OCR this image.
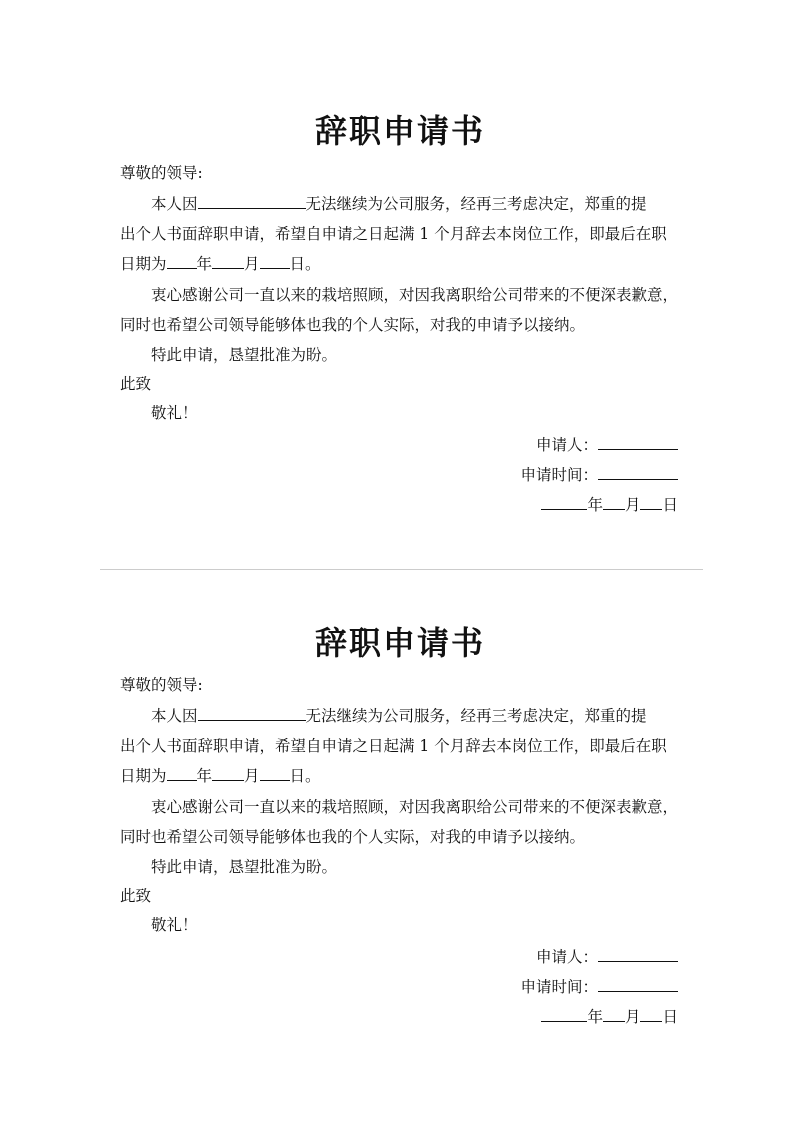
辞职申请书
尊敬的领导:
本人因	无法继续为公司服务，经再三考虑决定，郑重的提
出个人书面辞职申请，希望自申请之日起满 1 个月辞去本岗位工作，即最后在职
日期为 年 月 日。
衷心感谢公司一直以来的栽培照顾，对因我离职给公司带来的不便深表歉意，
同时也希望公司领导能够体也我的个人实际，对我的申请予以接纳。
特此申请，恳望批准为盼。
此致
敬礼！
申请人：
申请时间：
年 月 日
辞职申请书
尊敬的领导:
本人因	无法继续为公司服务，经再三考虑决定，郑重的提
出个人书面辞职申请，希望自申请之日起满 1 个月辞去本岗位工作，即最后在职
日期为 年 月 日。
衷心感谢公司一直以来的栽培照顾，对因我离职给公司带来的不便深表歉意，
同时也希望公司领导能够体也我的个人实际，对我的申请予以接纳。
特此申请，恳望批准为盼。
此致
敬礼！
申请人：
申请时间：
年 月 日
